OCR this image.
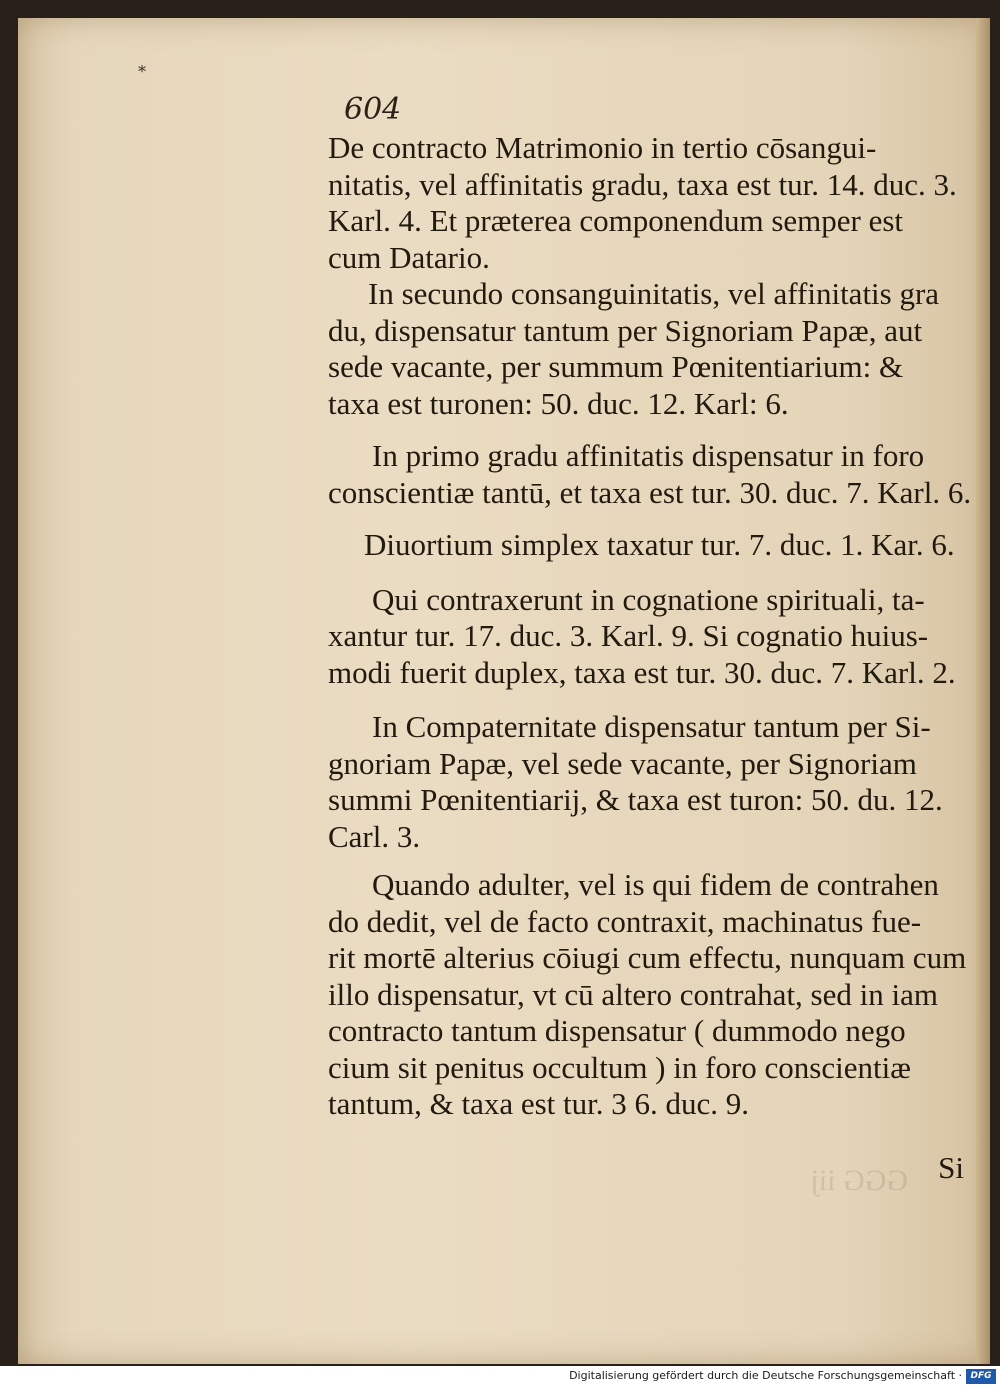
*
604

De contracto Matrimonio in tertio cōsangui-
nitatis, vel affinitatis gradu, taxa est tur. 14. duc. 3.
Karl. 4. Et præterea componendum semper est
cum Datario.

In secundo consanguinitatis, vel affinitatis gra
du, dispensatur tantum per Signoriam Papæ, aut
sede vacante, per summum Pœnitentiarium: &
taxa est turonen: 50. duc. 12. Karl: 6.

In primo gradu affinitatis dispensatur in foro
conscientiæ tantū, et taxa est tur. 30. duc. 7. Karl. 6.

Diuortium simplex taxatur tur. 7. duc. 1. Kar. 6.

Qui contraxerunt in cognatione spirituali, ta-
xantur tur. 17. duc. 3. Karl. 9. Si cognatio huius-
modi fuerit duplex, taxa est tur. 30. duc. 7. Karl. 2.

In Compaternitate dispensatur tantum per Si-
gnoriam Papæ, vel sede vacante, per Signoriam
summi Pœnitentiarij, & taxa est turon: 50. du. 12.
Carl. 3.

Quando adulter, vel is qui fidem de contrahen
do dedit, vel de facto contraxit, machinatus fue-
rit mortē alterius cōiugi cum effectu, nunquam cum
illo dispensatur, vt cū altero contrahat, sed in iam
contracto tantum dispensatur ( dummodo nego
cium sit penitus occultum ) in foro conscientiæ
tantum, & taxa est tur. 3 6. duc. 9.

GGG iij Si
Digitalisierung gefördert durch die Deutsche Forschungsgemeinschaft · DFG
